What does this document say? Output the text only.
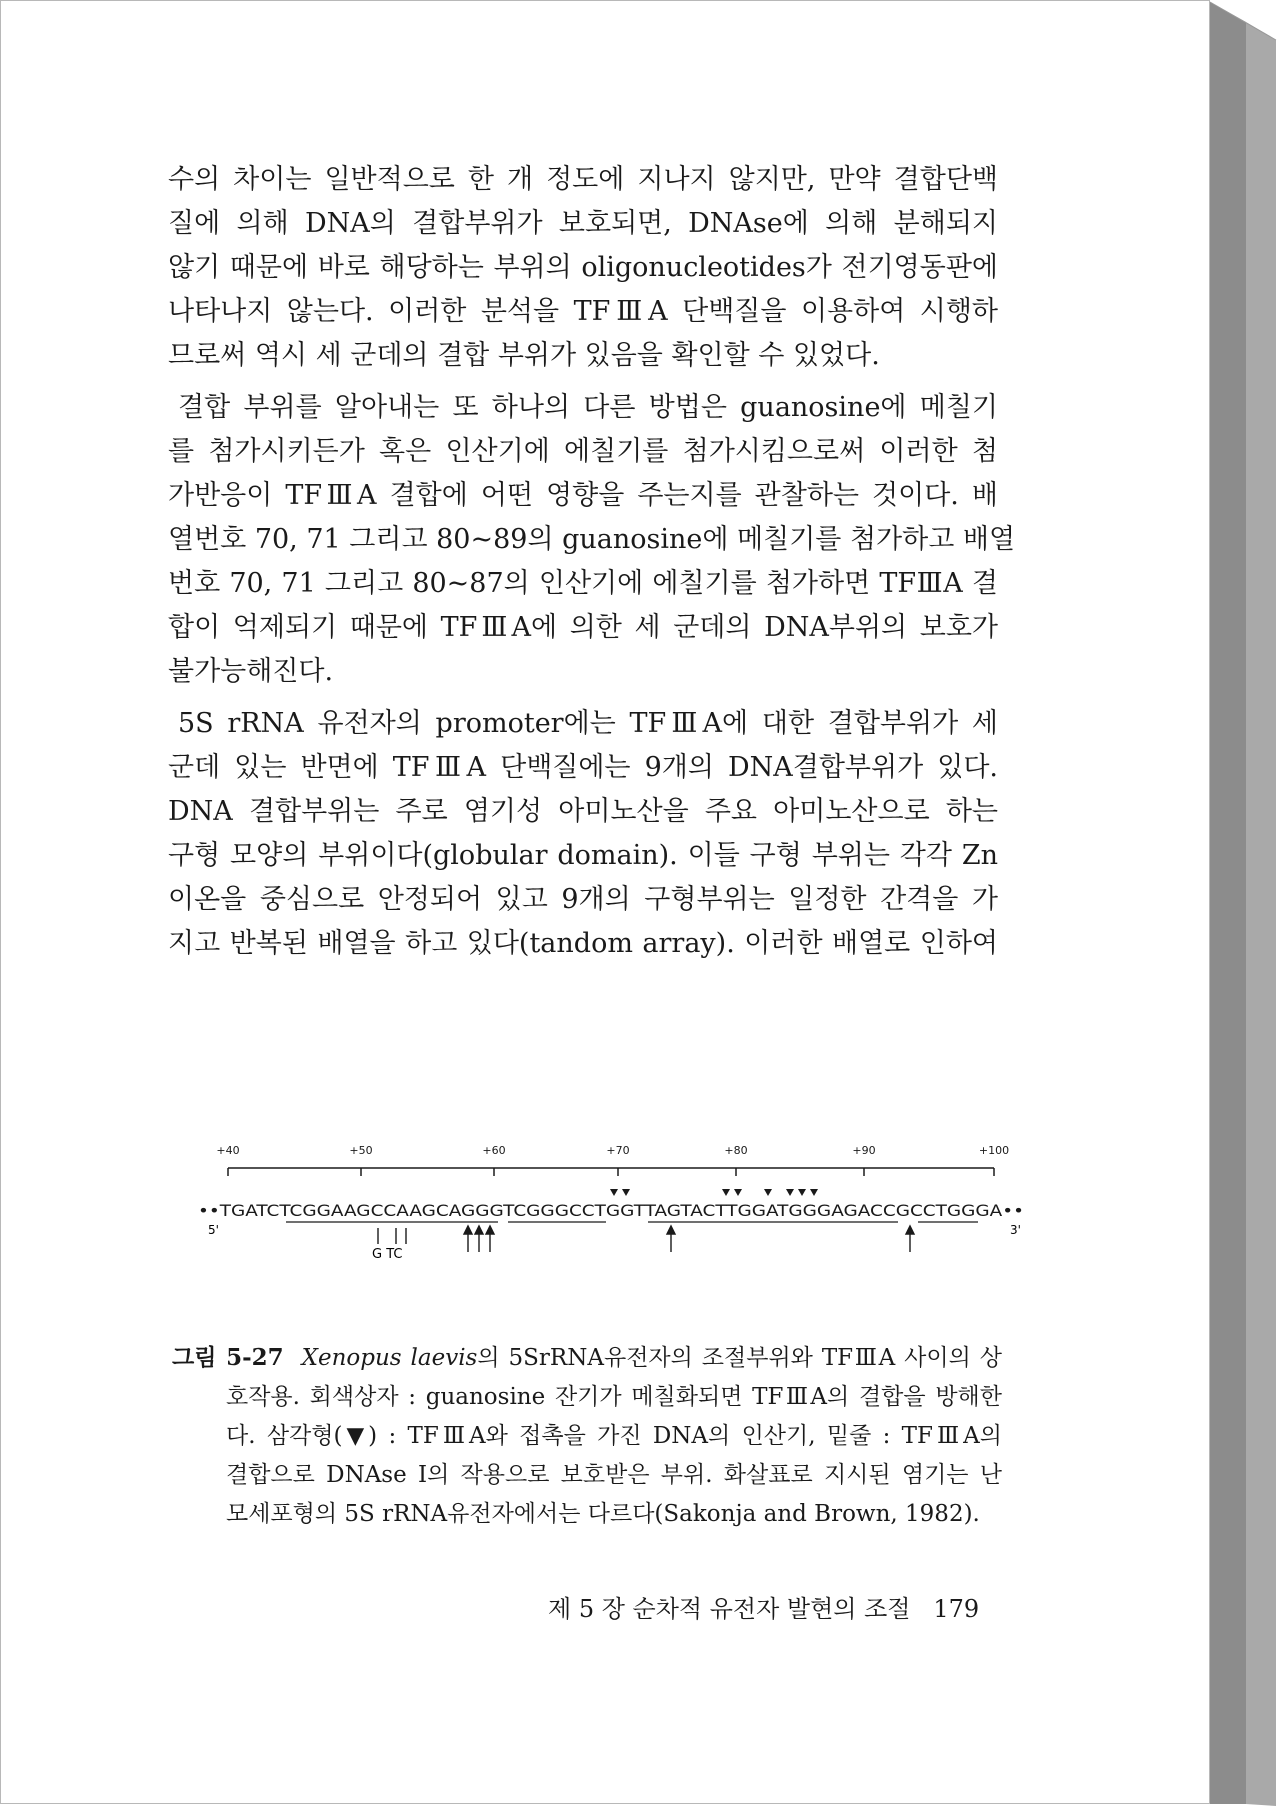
수의 차이는 일반적으로 한 개 정도에 지나지 않지만, 만약 결합단백
질에 의해 DNA의 결합부위가 보호되면, DNAse에 의해 분해되지
않기 때문에 바로 해당하는 부위의 oligonucleotides가 전기영동판에
나타나지 않는다. 이러한 분석을 TFⅢA 단백질을 이용하여 시행하
므로써 역시 세 군데의 결합 부위가 있음을 확인할 수 있었다.

결합 부위를 알아내는 또 하나의 다른 방법은 guanosine에 메칠기

를 첨가시키든가 혹은 인산기에 에칠기를 첨가시킴으로써 이러한 첨
가반응이 TFⅢA 결합에 어떤 영향을 주는지를 관찰하는 것이다. 배
열번호 70, 71 그리고 80~89의 guanosine에 메칠기를 첨가하고 배열
번호 70, 71 그리고 80~87의 인산기에 에칠기를 첨가하면 TFⅢA 결
합이 억제되기 때문에 TFⅢA에 의한 세 군데의 DNA부위의 보호가
불가능해진다.

5S rRNA 유전자의 promoter에는 TFⅢA에 대한 결합부위가 세

군데 있는 반면에 TFⅢA 단백질에는 9개의 DNA결합부위가 있다.
DNA 결합부위는 주로 염기성 아미노산을 주요 아미노산으로 하는
구형 모양의 부위이다(globular domain). 이들 구형 부위는 각각 Zn
이온을 중심으로 안정되어 있고 9개의 구형부위는 일정한 간격을 가
지고 반복된 배열을 하고 있다(tandom array). 이러한 배열로 인하여

+40	+50	+60	+70	+80	+90	+100
••TGATCTCGGAAGCCAAGCAGGGTCGGGCCTGGTTAGTACTTGGATGGGAGACCGCCTGGGA••
5'	3'
G TC
그림 5-27 Xenopus laevis의 5SrRNA유전자의 조절부위와 TFⅢA 사이의 상
호작용. 회색상자 : guanosine 잔기가 메칠화되면 TFⅢA의 결합을 방해한
다. 삼각형(▼) : TFⅢA와 접촉을 가진 DNA의 인산기, 밑줄 : TFⅢA의
결합으로 DNAse I의 작용으로 보호받은 부위. 화살표로 지시된 염기는 난
모세포형의 5S rRNA유전자에서는 다르다(Sakonja and Brown, 1982).
제 5 장 순차적 유전자 발현의 조절 179
